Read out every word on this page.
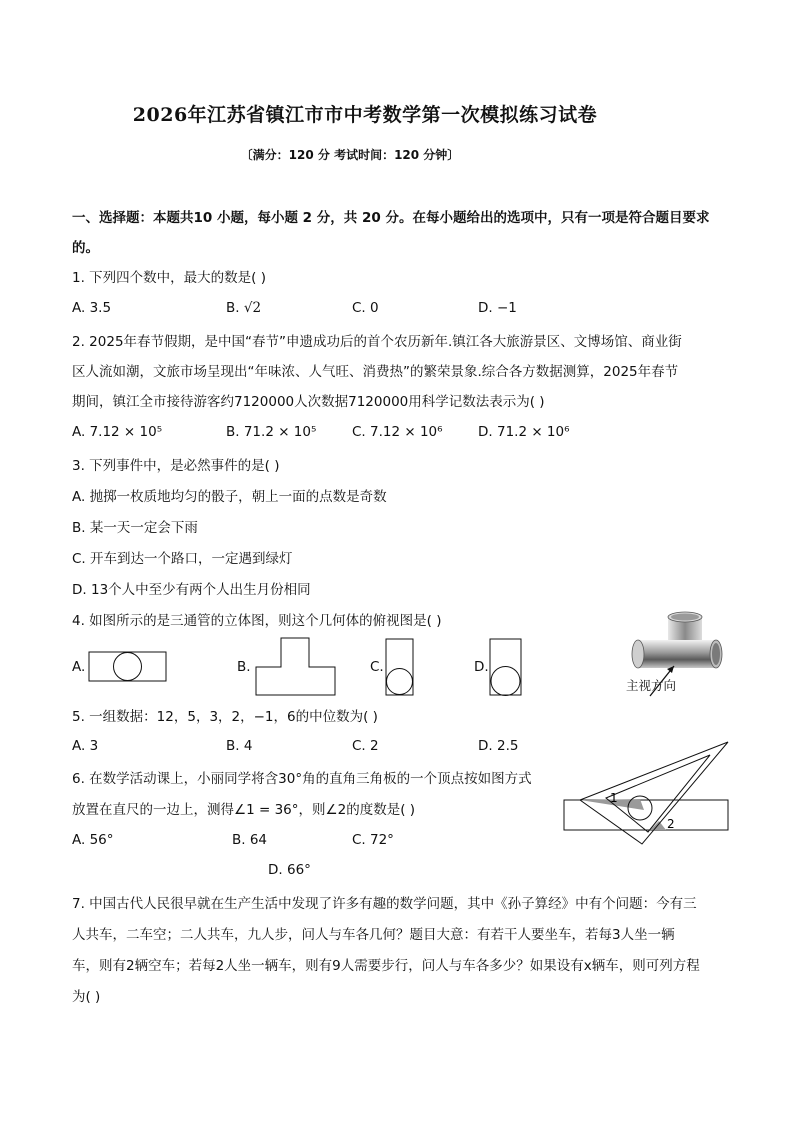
2026年江苏省镇江市市中考数学第一次模拟练习试卷
〔满分：120 分 考试时间：120 分钟〕
一、选择题：本题共10 小题，每小题 2 分，共 20 分。在每小题给出的选项中，只有一项是符合题目要求
的。
1. 下列四个数中，最大的数是( )
A. 3.5	B. √2	C. 0	D. −1
2. 2025年春节假期，是中国“春节”申遗成功后的首个农历新年.镇江各大旅游景区、文博场馆、商业街
区人流如潮，文旅市场呈现出“年味浓、人气旺、消费热”的繁荣景象.综合各方数据测算，2025年春节
期间，镇江全市接待游客约7120000人次数据7120000用科学记数法表示为( )
A. 7.12 × 10⁵	B. 71.2 × 10⁵	C. 7.12 × 10⁶	D. 71.2 × 10⁶
3. 下列事件中，是必然事件的是( )
A. 抛掷一枚质地均匀的骰子，朝上一面的点数是奇数
B. 某一天一定会下雨
C. 开车到达一个路口，一定遇到绿灯
D. 13个人中至少有两个人出生月份相同
4. 如图所示的是三通管的立体图，则这个几何体的俯视图是( )
A.	B.	C.	D.
主视方向
5. 一组数据：12，5，3，2，−1，6的中位数为( )
A. 3	B. 4	C. 2	D. 2.5
6. 在数学活动课上，小丽同学将含30°角的直角三角板的一个顶点按如图方式
放置在直尺的一边上，测得∠1 = 36°，则∠2的度数是( )
A. 56°	B. 64	C. 72°
D. 66°
1
2
7. 中国古代人民很早就在生产生活中发现了许多有趣的数学问题，其中《孙子算经》中有个问题：今有三
人共车，二车空；二人共车，九人步，问人与车各几何？题目大意：有若干人要坐车，若每3人坐一辆
车，则有2辆空车；若每2人坐一辆车，则有9人需要步行，问人与车各多少？如果设有x辆车，则可列方程
为( )
